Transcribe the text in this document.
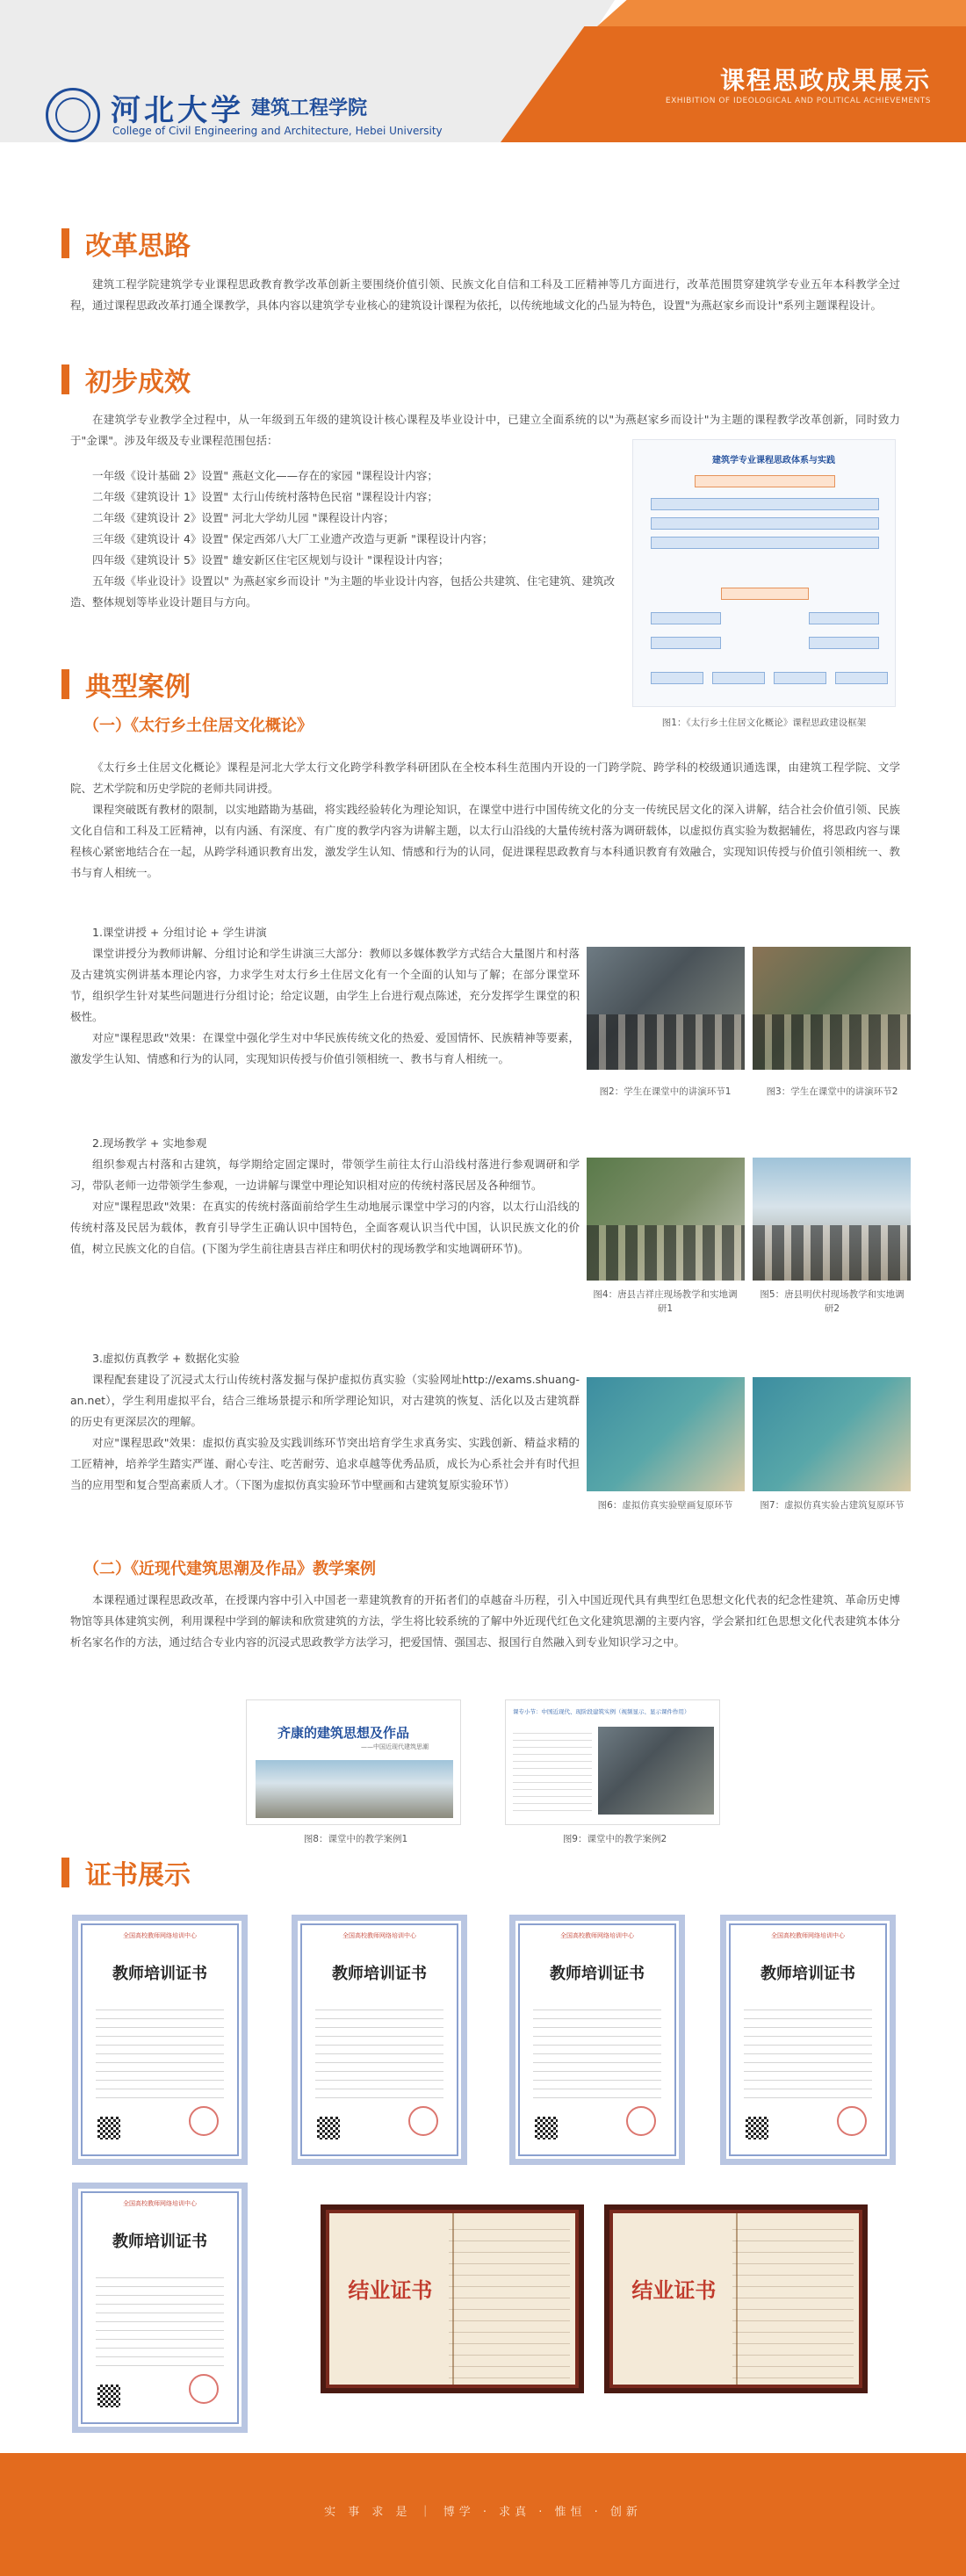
河北大学 建筑工程学院
College of Civil Engineering and Architecture, Hebei University
课程思政成果展示
EXHIBITION OF IDEOLOGICAL AND POLITICAL ACHIEVEMENTS
改革思路

建筑工程学院建筑学专业课程思政教育教学改革创新主要围绕价值引领、民族文化自信和工科及工匠精神等几方面进行，改革范围贯穿建筑学专业五年本科教学全过程，通过课程思政改革打通全课教学，具体内容以建筑学专业核心的建筑设计课程为依托，以传统地域文化的凸显为特色，设置"为燕赵家乡而设计"系列主题课程设计。

初步成效

在建筑学专业教学全过程中，从一年级到五年级的建筑设计核心课程及毕业设计中，已建立全面系统的以"为燕赵家乡而设计"为主题的课程教学改革创新，同时致力于"金课"。涉及年级及专业课程范围包括：

一年级《设计基础 2》设置" 燕赵文化——存在的家园 "课程设计内容；

二年级《建筑设计 1》设置" 太行山传统村落特色民宿 "课程设计内容；

二年级《建筑设计 2》设置" 河北大学幼儿园 "课程设计内容；

三年级《建筑设计 4》设置" 保定西郊八大厂工业遗产改造与更新 "课程设计内容；

四年级《建筑设计 5》设置" 雄安新区住宅区规划与设计 "课程设计内容；

五年级《毕业设计》设置以" 为燕赵家乡而设计 "为主题的毕业设计内容，包括公共建筑、住宅建筑、建筑改造、整体规划等毕业设计题目与方向。

建筑学专业课程思政体系与实践
图1：《太行乡土住居文化概论》课程思政建设框架
典型案例
（一）《太行乡土住居文化概论》

《太行乡土住居文化概论》课程是河北大学太行文化跨学科教学科研团队在全校本科生范围内开设的一门跨学院、跨学科的校级通识通选课，由建筑工程学院、文学院、艺术学院和历史学院的老师共同讲授。

课程突破既有教材的限制，以实地踏勘为基础，将实践经验转化为理论知识，在课堂中进行中国传统文化的分支一传统民居文化的深入讲解，结合社会价值引领、民族文化自信和工科及工匠精神，以有内涵、有深度、有广度的教学内容为讲解主题，以太行山沿线的大量传统村落为调研载体，以虚拟仿真实验为数据辅佐，将思政内容与课程核心紧密地结合在一起，从跨学科通识教育出发，激发学生认知、情感和行为的认同，促进课程思政教育与本科通识教育有效融合，实现知识传授与价值引领相统一、教书与育人相统一。

1.课堂讲授 + 分组讨论 + 学生讲演

课堂讲授分为教师讲解、分组讨论和学生讲演三大部分：教师以多媒体教学方式结合大量图片和村落及古建筑实例讲基本理论内容，力求学生对太行乡土住居文化有一个全面的认知与了解；在部分课堂环节，组织学生针对某些问题进行分组讨论；给定议题，由学生上台进行观点陈述，充分发挥学生课堂的积极性。

对应"课程思政"效果：在课堂中强化学生对中华民族传统文化的热爱、爱国情怀、民族精神等要素，激发学生认知、情感和行为的认同，实现知识传授与价值引领相统一、教书与育人相统一。

图2：学生在课堂中的讲演环节1	图3：学生在课堂中的讲演环节2

2.现场教学 + 实地参观

组织参观古村落和古建筑，每学期给定固定课时，带领学生前往太行山沿线村落进行参观调研和学习，带队老师一边带领学生参观，一边讲解与课堂中理论知识相对应的传统村落民居及各种细节。

对应"课程思政"效果：在真实的传统村落面前给学生生动地展示课堂中学习的内容，以太行山沿线的传统村落及民居为载体，教育引导学生正确认识中国特色，全面客观认识当代中国，认识民族文化的价值，树立民族文化的自信。(下图为学生前往唐县吉祥庄和明伏村的现场教学和实地调研环节)。

图4：唐县吉祥庄现场教学和实地调研1
图5：唐县明伏村现场教学和实地调研2

3.虚拟仿真教学 + 数据化实验

课程配套建设了沉浸式太行山传统村落发掘与保护虚拟仿真实验（实验网址http://exams.shuang-an.net），学生利用虚拟平台，结合三维场景提示和所学理论知识，对古建筑的恢复、活化以及古建筑群的历史有更深层次的理解。

对应"课程思政"效果：虚拟仿真实验及实践训练环节突出培育学生求真务实、实践创新、精益求精的工匠精神，培养学生踏实严谨、耐心专注、吃苦耐劳、追求卓越等优秀品质，成长为心系社会并有时代担当的应用型和复合型高素质人才。（下图为虚拟仿真实验环节中壁画和古建筑复原实验环节）

图6：虚拟仿真实验壁画复原环节	图7：虚拟仿真实验古建筑复原环节
（二）《近现代建筑思潮及作品》教学案例

本课程通过课程思政改革，在授课内容中引入中国老一辈建筑教育的开拓者们的卓越奋斗历程，引入中国近现代具有典型红色思想文化代表的纪念性建筑、革命历史博物馆等具体建筑实例，利用课程中学到的解读和欣赏建筑的方法，学生将比较系统的了解中外近现代红色文化建筑思潮的主要内容，学会紧扣红色思想文化代表建筑本体分析名家名作的方法，通过结合专业内容的沉浸式思政教学方法学习，把爱国情、强国志、报国行自然融入到专业知识学习之中。

齐康的建筑思想及作品
——中国近现代建筑思潮
课专小节：中国近现代、现阶段建筑实例（视频显示、显示课件作用）
图8：课堂中的教学案例1	图9：课堂中的教学案例2
证书展示
全国高校教师网络培训中心
教师培训证书
全国高校教师网络培训中心
教师培训证书
全国高校教师网络培训中心
教师培训证书
全国高校教师网络培训中心
教师培训证书
全国高校教师网络培训中心
教师培训证书
结业证书	结业证书
实 事 求 是 ｜ 博学 · 求真 · 惟恒 · 创新
